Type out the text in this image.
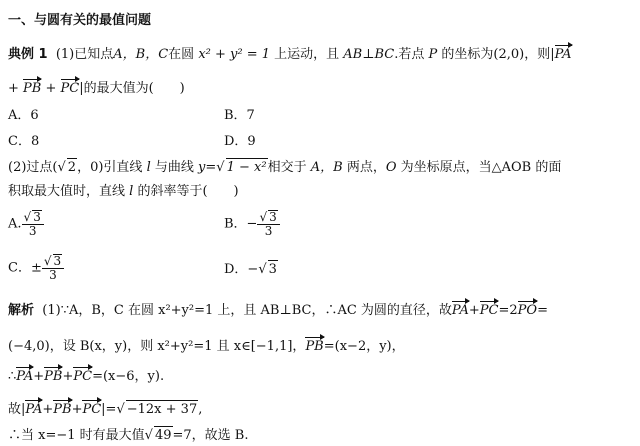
一、与圆有关的最值问题
典例 1 (1)已知点A，B，C在圆 x² + y² = 1 上运动，且 AB⊥BC.若点 P 的坐标为(2,0)，则|PA
+ PB + PC|的最大值为(　　)
A．6	B．7
C．8	D．9
(2)过点(√ 2，0)引直线 l 与曲线 y=√ 1 − x²相交于 A，B 两点，O 为坐标原点，当△AOB 的面
积取最大值时，直线 l 的斜率等于(　　)
A. $\frac{√ 3}{3}$	B．− $\frac{√ 3}{3}$
C．± $\frac{√ 3}{3}$	D．−√ 3
解析 (1)∵A，B，C 在圆 x²+y²=1 上，且 AB⊥BC，∴AC 为圆的直径，故PA+PC=2PO=
(−4,0)，设 B(x，y)，则 x²+y²=1 且 x∈[−1,1]，PB=(x−2，y)，
∴PA+PB+PC=(x−6，y).
故|PA+PB+PC|=√ −12x + 37,
∴当 x=−1 时有最大值√ 49=7，故选 B.
